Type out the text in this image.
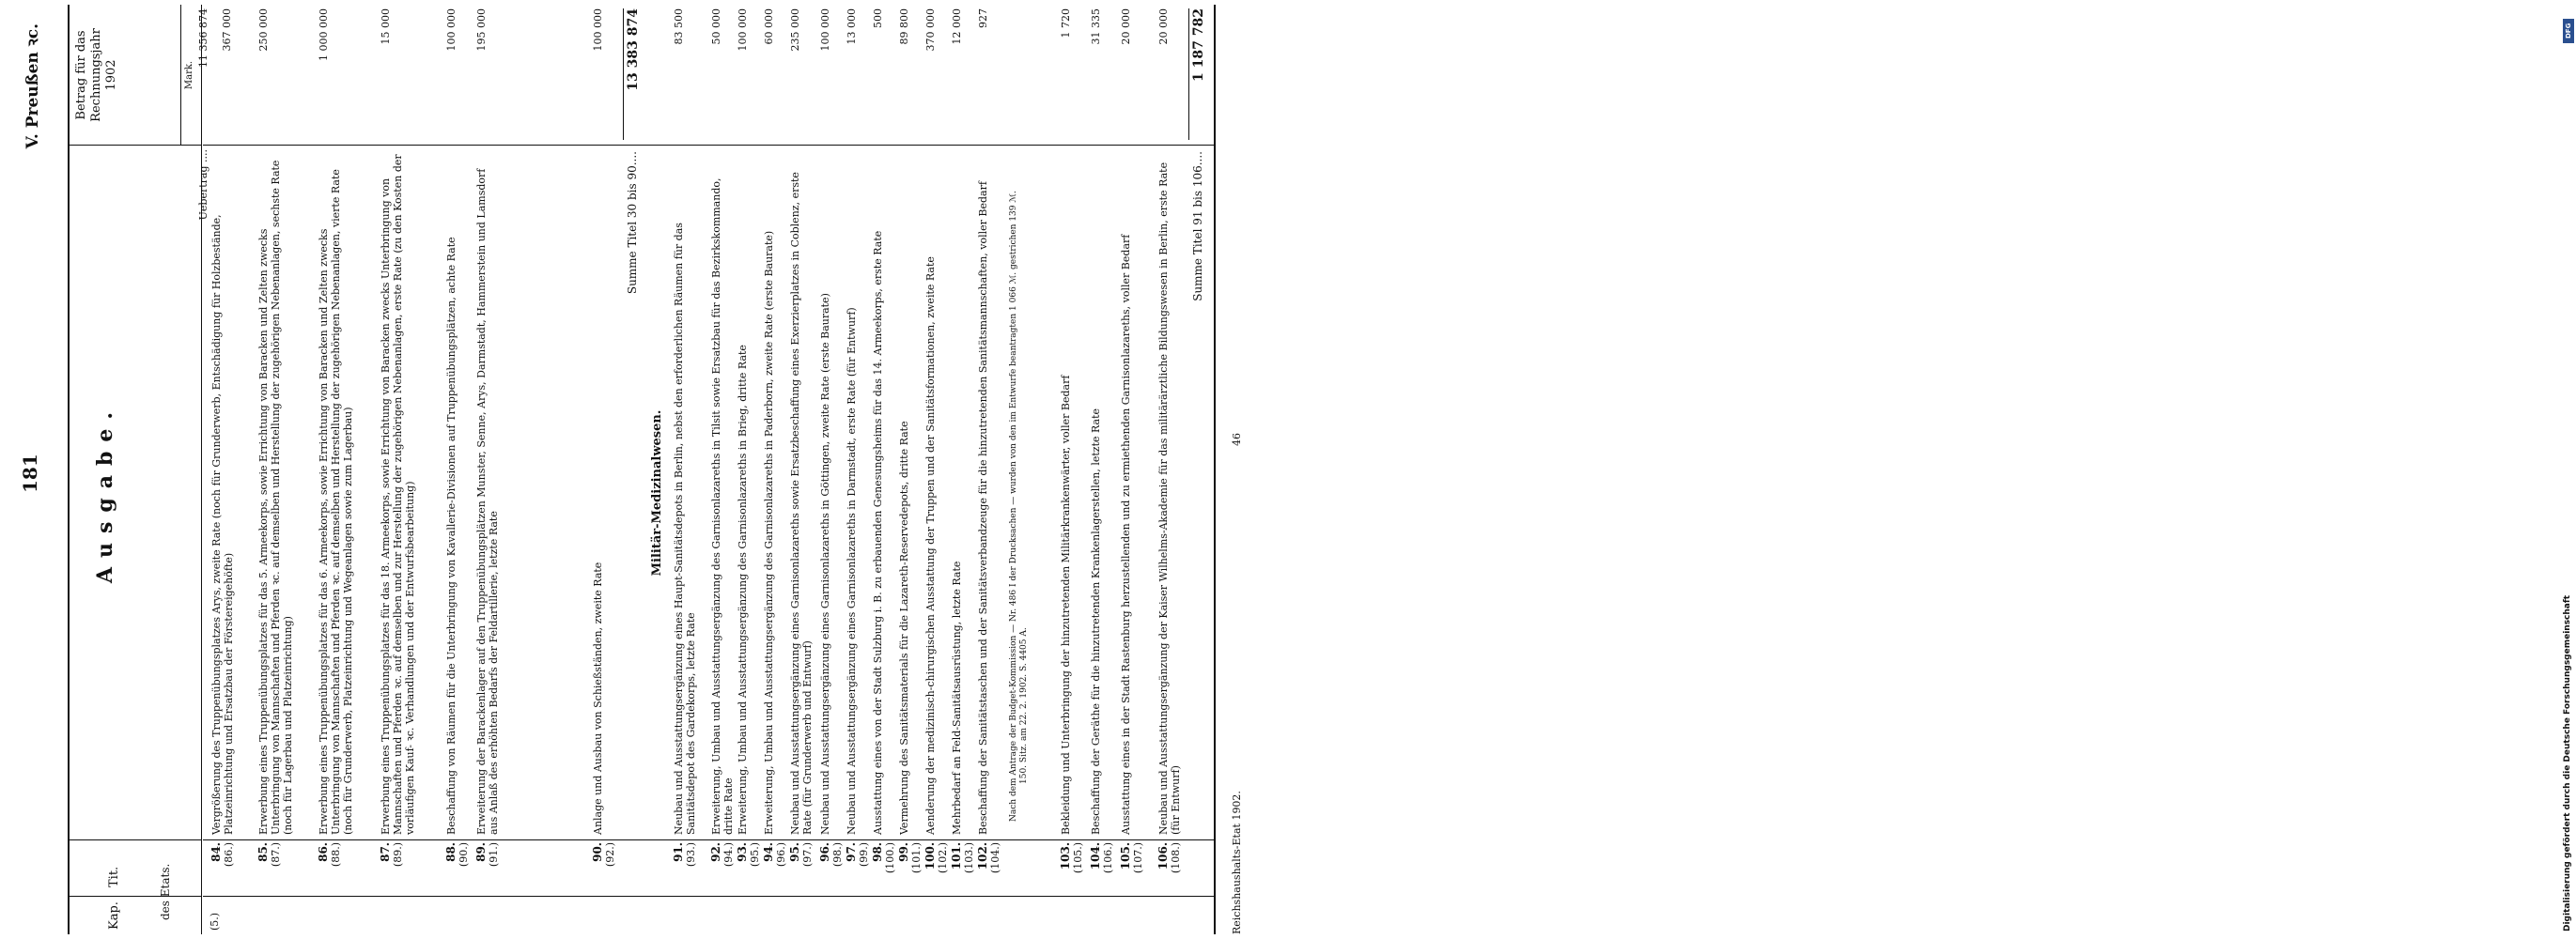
DFG
Digitalisierung gefördert durch die Deutsche Forschungsgemeinschaft
181
V. Preußen ꝛc.
Kap.
Tit.	des Etats.
Ausgabe.
Betrag für das Rechnungsjahr 1902	Mark.
(5.)
Militär-Medizinalwesen.
Summe Titel 30 bis 90....
13 383 874
Summe Titel 91 bis 106....
1 187 782
Nach dem Antrage der Budget-Kommission — Nr. 486 I der Drucksachen — wurden von den im Entwurfe beantragten 1 066 ℳ. gestrichen 139 ℳ. 150. Sitz. am 22. 2. 1902. S. 4405 A.
84.
(86.)
Vergrößerung des Truppenübungsplatzes Arys, zweite Rate (noch für Grunderwerb, Entschädigung für Holzbestände, Platzeinrichtung und Ersatzbau der Förstereigehöfte)
Uebertrag ....
11 356 874 367 000
85.
(87.)
Erwerbung eines Truppenübungsplatzes für das 5. Armeekorps, sowie Errichtung von Baracken und Zelten zwecks Unterbringung von Mannschaften und Pferden ꝛc. auf demselben und Herstellung der zugehörigen Nebenanlagen, sechste Rate (noch für Lagerbau und Platzeinrichtung)
250 000
86.
(88.)
Erwerbung eines Truppenübungsplatzes für das 6. Armeekorps, sowie Errichtung von Baracken und Zelten zwecks Unterbringung von Mannschaften und Pferden ꝛc. auf demselben und Herstellung der zugehörigen Nebenanlagen, vierte Rate (noch für Grunderwerb, Platzeinrichtung und Wegeanlagen sowie zum Lagerbau)
1 000 000
87.
(89.)
Erwerbung eines Truppenübungsplatzes für das 18. Armeekorps, sowie Errichtung von Baracken zwecks Unterbringung von Mannschaften und Pferden ꝛc. auf demselben und zur Herstellung der zugehörigen Nebenanlagen, erste Rate (zu den Kosten der vorläufigen Kauf- ꝛc. Verhandlungen und der Entwurfsbearbeitung)
15 000
88.
(90.)
Beschaffung von Räumen für die Unterbringung von Kavallerie-Divisionen auf Truppenübungsplätzen, achte Rate
100 000
89.
(91.)
Erweiterung der Barackenlager auf den Truppenübungsplätzen Munster, Senne, Arys, Darmstadt, Hammerstein und Lamsdorf aus Anlaß des erhöhten Bedarfs der Feldartillerie, letzte Rate
195 000
90.
(92.)
Anlage und Ausbau von Schießständen, zweite Rate
100 000
91.
(93.)
Neubau und Ausstattungsergänzung eines Haupt-Sanitätsdepots in Berlin, nebst den erforderlichen Räumen für das Sanitätsdepot des Gardekorps, letzte Rate
83 500
92.
(94.)
Erweiterung, Umbau und Ausstattungsergänzung des Garnisonlazareths in Tilsit sowie Ersatzbau für das Bezirkskommando, dritte Rate
50 000
93.
(95.)
Erweiterung, Umbau und Ausstattungsergänzung des Garnisonlazareths in Brieg, dritte Rate
100 000
94.
(96.)
Erweiterung, Umbau und Ausstattungsergänzung des Garnisonlazareths in Paderborn, zweite Rate (erste Baurate)
60 000
95.
(97.)
Neubau und Ausstattungsergänzung eines Garnisonlazareths sowie Ersatzbeschaffung eines Exerzierplatzes in Coblenz, erste Rate (für Grunderwerb und Entwurf)
235 000
96.
(98.)
Neubau und Ausstattungsergänzung eines Garnisonlazareths in Göttingen, zweite Rate (erste Baurate)
100 000
97.
(99.)
Neubau und Ausstattungsergänzung eines Garnisonlazareths in Darmstadt, erste Rate (für Entwurf)
13 000
98.
(100.)
Ausstattung eines von der Stadt Sulzburg i. B. zu erbauenden Genesungsheims für das 14. Armeekorps, erste Rate
500
99.
(101.)
Vermehrung des Sanitätsmaterials für die Lazareth-Reservedepots, dritte Rate
89 800
100.
(102.)
Aenderung der medizinisch-chirurgischen Ausstattung der Truppen und der Sanitätsformationen, zweite Rate
370 000
101.
(103.)
Mehrbedarf an Feld-Sanitätsausrüstung, letzte Rate
12 000
102.
(104.)
Beschaffung der Sanitätstaschen und der Sanitätsverbandzeuge für die hinzutretenden Sanitätsmannschaften, voller Bedarf
927
103.
(105.)
Bekleidung und Unterbringung der hinzutretenden Militärkrankenwärter, voller Bedarf
1 720
104.
(106.)
Beschaffung der Geräthe für die hinzutretenden Krankenlagerstellen, letzte Rate
31 335
105.
(107.)
Ausstattung eines in der Stadt Rastenburg herzustellenden und zu ermiethenden Garnisonlazareths, voller Bedarf
20 000
106.
(108.)
Neubau und Ausstattungsergänzung der Kaiser Wilhelms-Akademie für das militärärztliche Bildungswesen in Berlin, erste Rate (für Entwurf)
20 000
Reichshaushalts-Etat 1902.
46
